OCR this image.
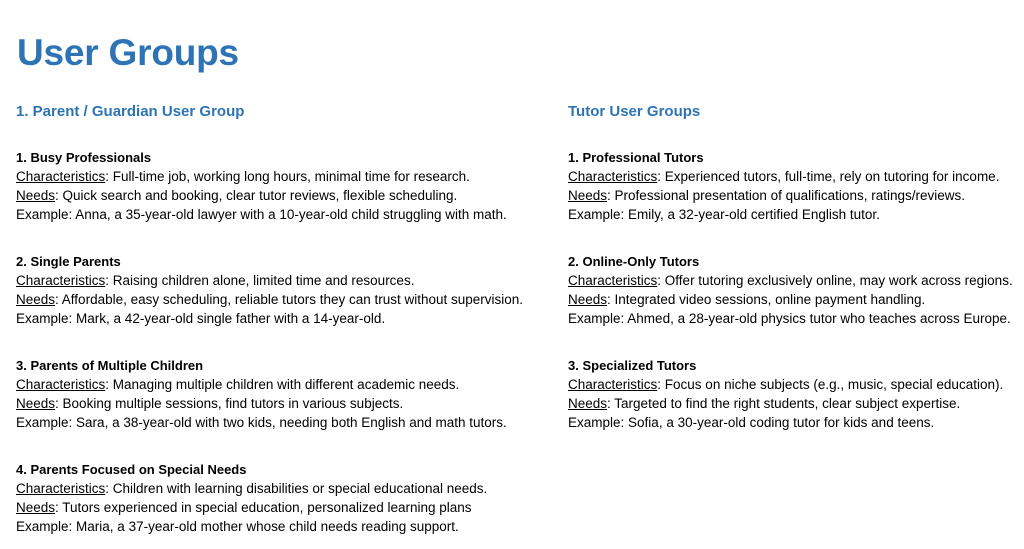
User Groups
1. Parent / Guardian User Group
1. Busy Professionals
Characteristics: Full-time job, working long hours, minimal time for research.
Needs: Quick search and booking, clear tutor reviews, flexible scheduling.
Example: Anna, a 35-year-old lawyer with a 10-year-old child struggling with math.
2. Single Parents
Characteristics: Raising children alone, limited time and resources.
Needs: Affordable, easy scheduling, reliable tutors they can trust without supervision.
Example: Mark, a 42-year-old single father with a 14-year-old.
3. Parents of Multiple Children
Characteristics: Managing multiple children with different academic needs.
Needs: Booking multiple sessions, find tutors in various subjects.
Example: Sara, a 38-year-old with two kids, needing both English and math tutors.
4. Parents Focused on Special Needs
Characteristics: Children with learning disabilities or special educational needs.
Needs: Tutors experienced in special education, personalized learning plans
Example: Maria, a 37-year-old mother whose child needs reading support.
Tutor User Groups
1. Professional Tutors
Characteristics: Experienced tutors, full-time, rely on tutoring for income.
Needs: Professional presentation of qualifications, ratings/reviews.
Example: Emily, a 32-year-old certified English tutor.
2. Online-Only Tutors
Characteristics: Offer tutoring exclusively online, may work across regions.
Needs: Integrated video sessions, online payment handling.
Example: Ahmed, a 28-year-old physics tutor who teaches across Europe.
3. Specialized Tutors
Characteristics: Focus on niche subjects (e.g., music, special education).
Needs: Targeted to find the right students, clear subject expertise.
Example: Sofia, a 30-year-old coding tutor for kids and teens.
